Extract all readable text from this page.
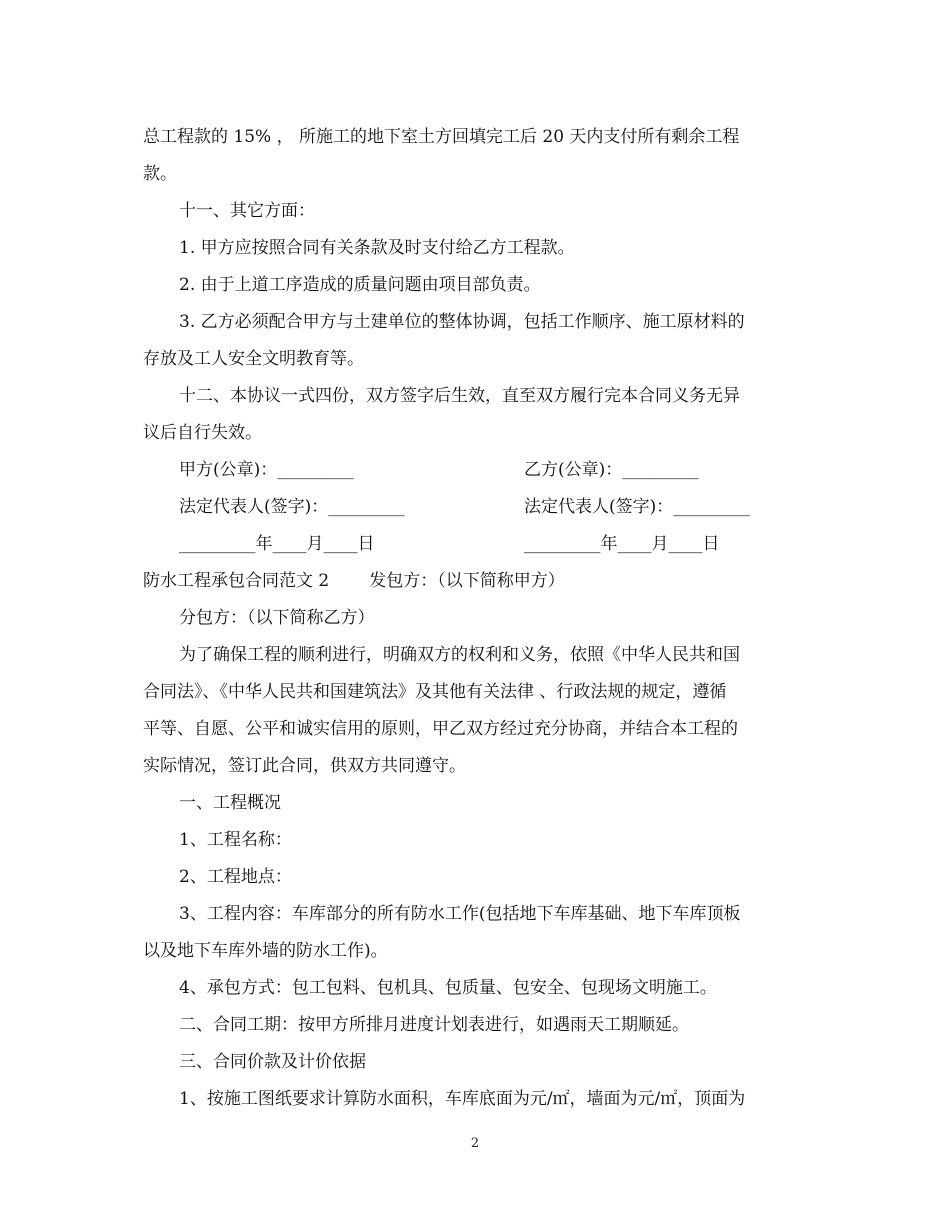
总工程款的 15% ， 所施工的地下室土方回填完工后 20 天内支付所有剩余工程
款。
十一、其它方面：
1. 甲方应按照合同有关条款及时支付给乙方工程款。
2. 由于上道工序造成的质量问题由项目部负责。
3. 乙方必须配合甲方与土建单位的整体协调，包括工作顺序、施工原材料的
存放及工人安全文明教育等。
十二、本协议一式四份，双方签字后生效，直至双方履行完本合同义务无异
议后自行失效。
甲方(公章)：_________	乙方(公章)：_________
法定代表人(签字)：_________	法定代表人(签字)：_________
_________年____月____日	_________年____月____日
防水工程承包合同范文 2 发包方：（以下简称甲方）
分包方：（以下简称乙方）
为了确保工程的顺利进行，明确双方的权利和义务，依照《中华人民共和国
合同法》、《中华人民共和国建筑法》及其他有关法律 、行政法规的规定，遵循
平等、自愿、公平和诚实信用的原则，甲乙双方经过充分协商，并结合本工程的
实际情况，签订此合同，供双方共同遵守。
一、工程概况
1、工程名称：
2、工程地点：
3、工程内容：车库部分的所有防水工作(包括地下车库基础、地下车库顶板
以及地下车库外墙的防水工作)。
4、承包方式：包工包料、包机具、包质量、包安全、包现场文明施工。
二、合同工期：按甲方所排月进度计划表进行，如遇雨天工期顺延。
三、合同价款及计价依据
1、按施工图纸要求计算防水面积，车库底面为元/㎡，墙面为元/㎡，顶面为
2
